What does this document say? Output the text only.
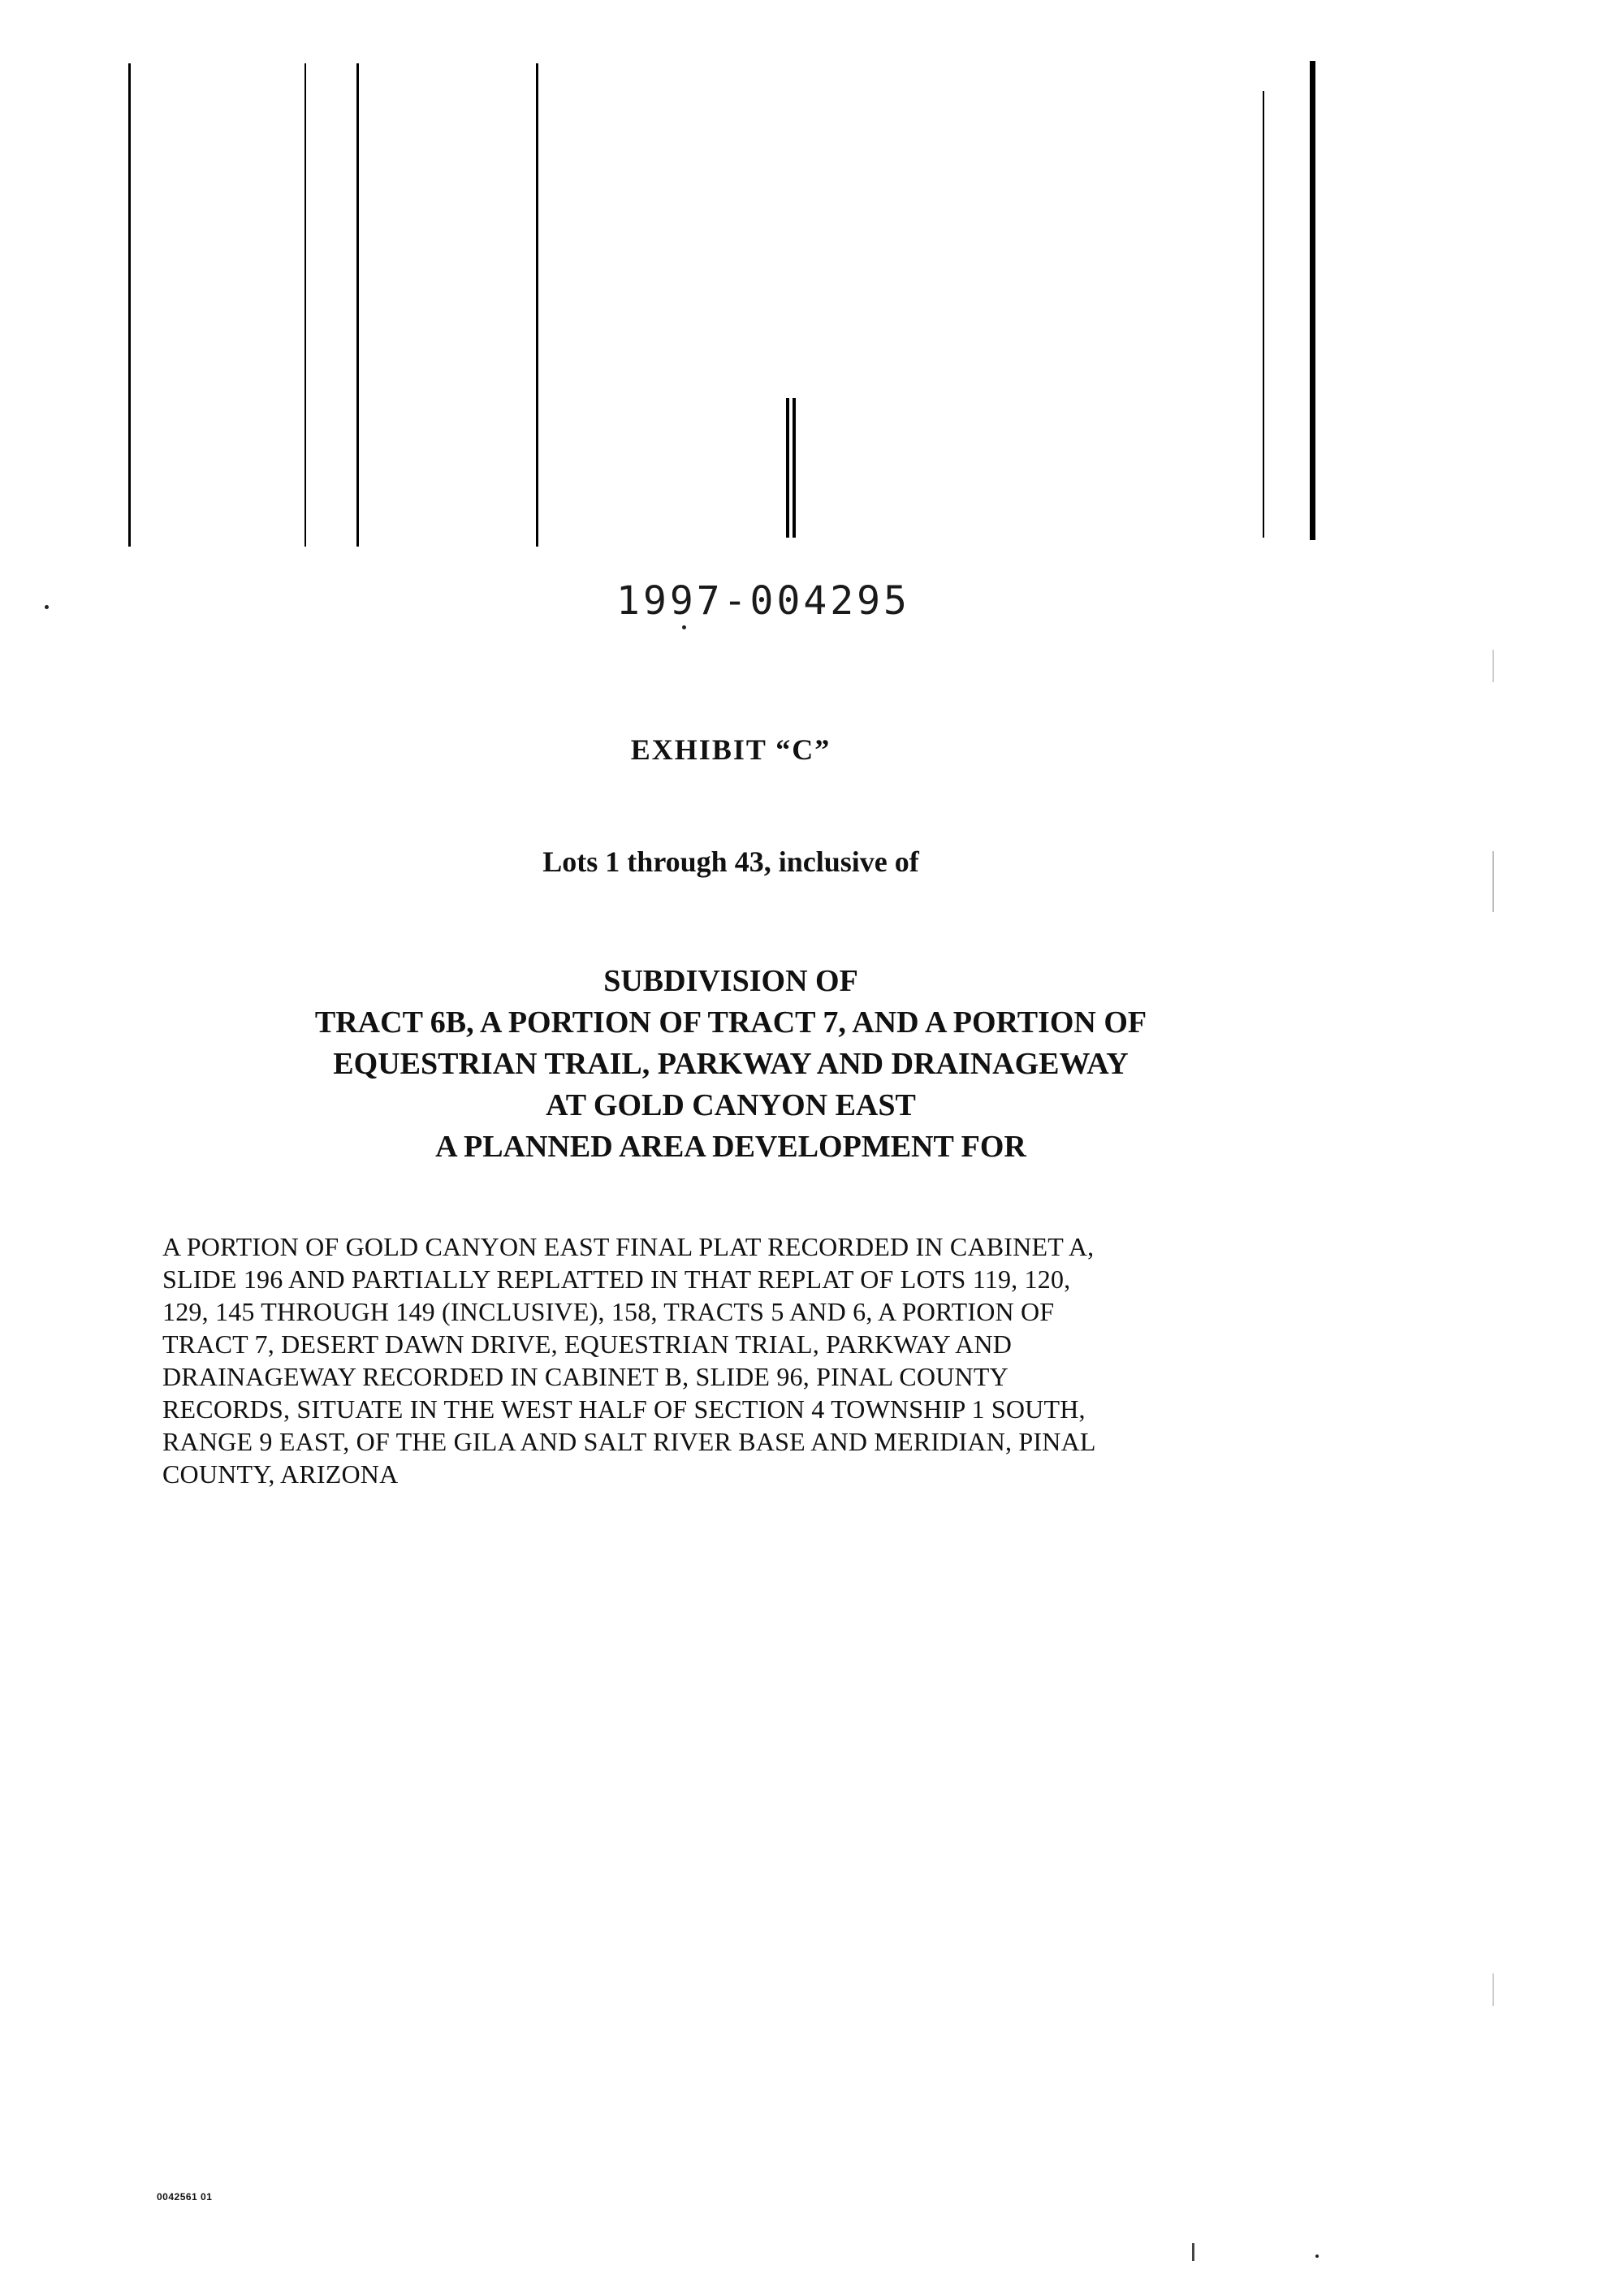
1997-004295
EXHIBIT “C”
Lots 1 through 43, inclusive of
SUBDIVISION OF
TRACT 6B, A PORTION OF TRACT 7, AND A PORTION OF
EQUESTRIAN TRAIL, PARKWAY AND DRAINAGEWAY
AT GOLD CANYON EAST
A PLANNED AREA DEVELOPMENT FOR
A PORTION OF GOLD CANYON EAST FINAL PLAT RECORDED IN CABINET A,
SLIDE 196 AND PARTIALLY REPLATTED IN THAT REPLAT OF LOTS 119, 120,
129, 145 THROUGH 149 (INCLUSIVE), 158, TRACTS 5 AND 6, A PORTION OF
TRACT 7, DESERT DAWN DRIVE, EQUESTRIAN TRIAL, PARKWAY AND
DRAINAGEWAY RECORDED IN CABINET B, SLIDE 96, PINAL COUNTY
RECORDS, SITUATE IN THE WEST HALF OF SECTION 4 TOWNSHIP 1 SOUTH,
RANGE 9 EAST, OF THE GILA AND SALT RIVER BASE AND MERIDIAN, PINAL
COUNTY, ARIZONA
0042561 01
